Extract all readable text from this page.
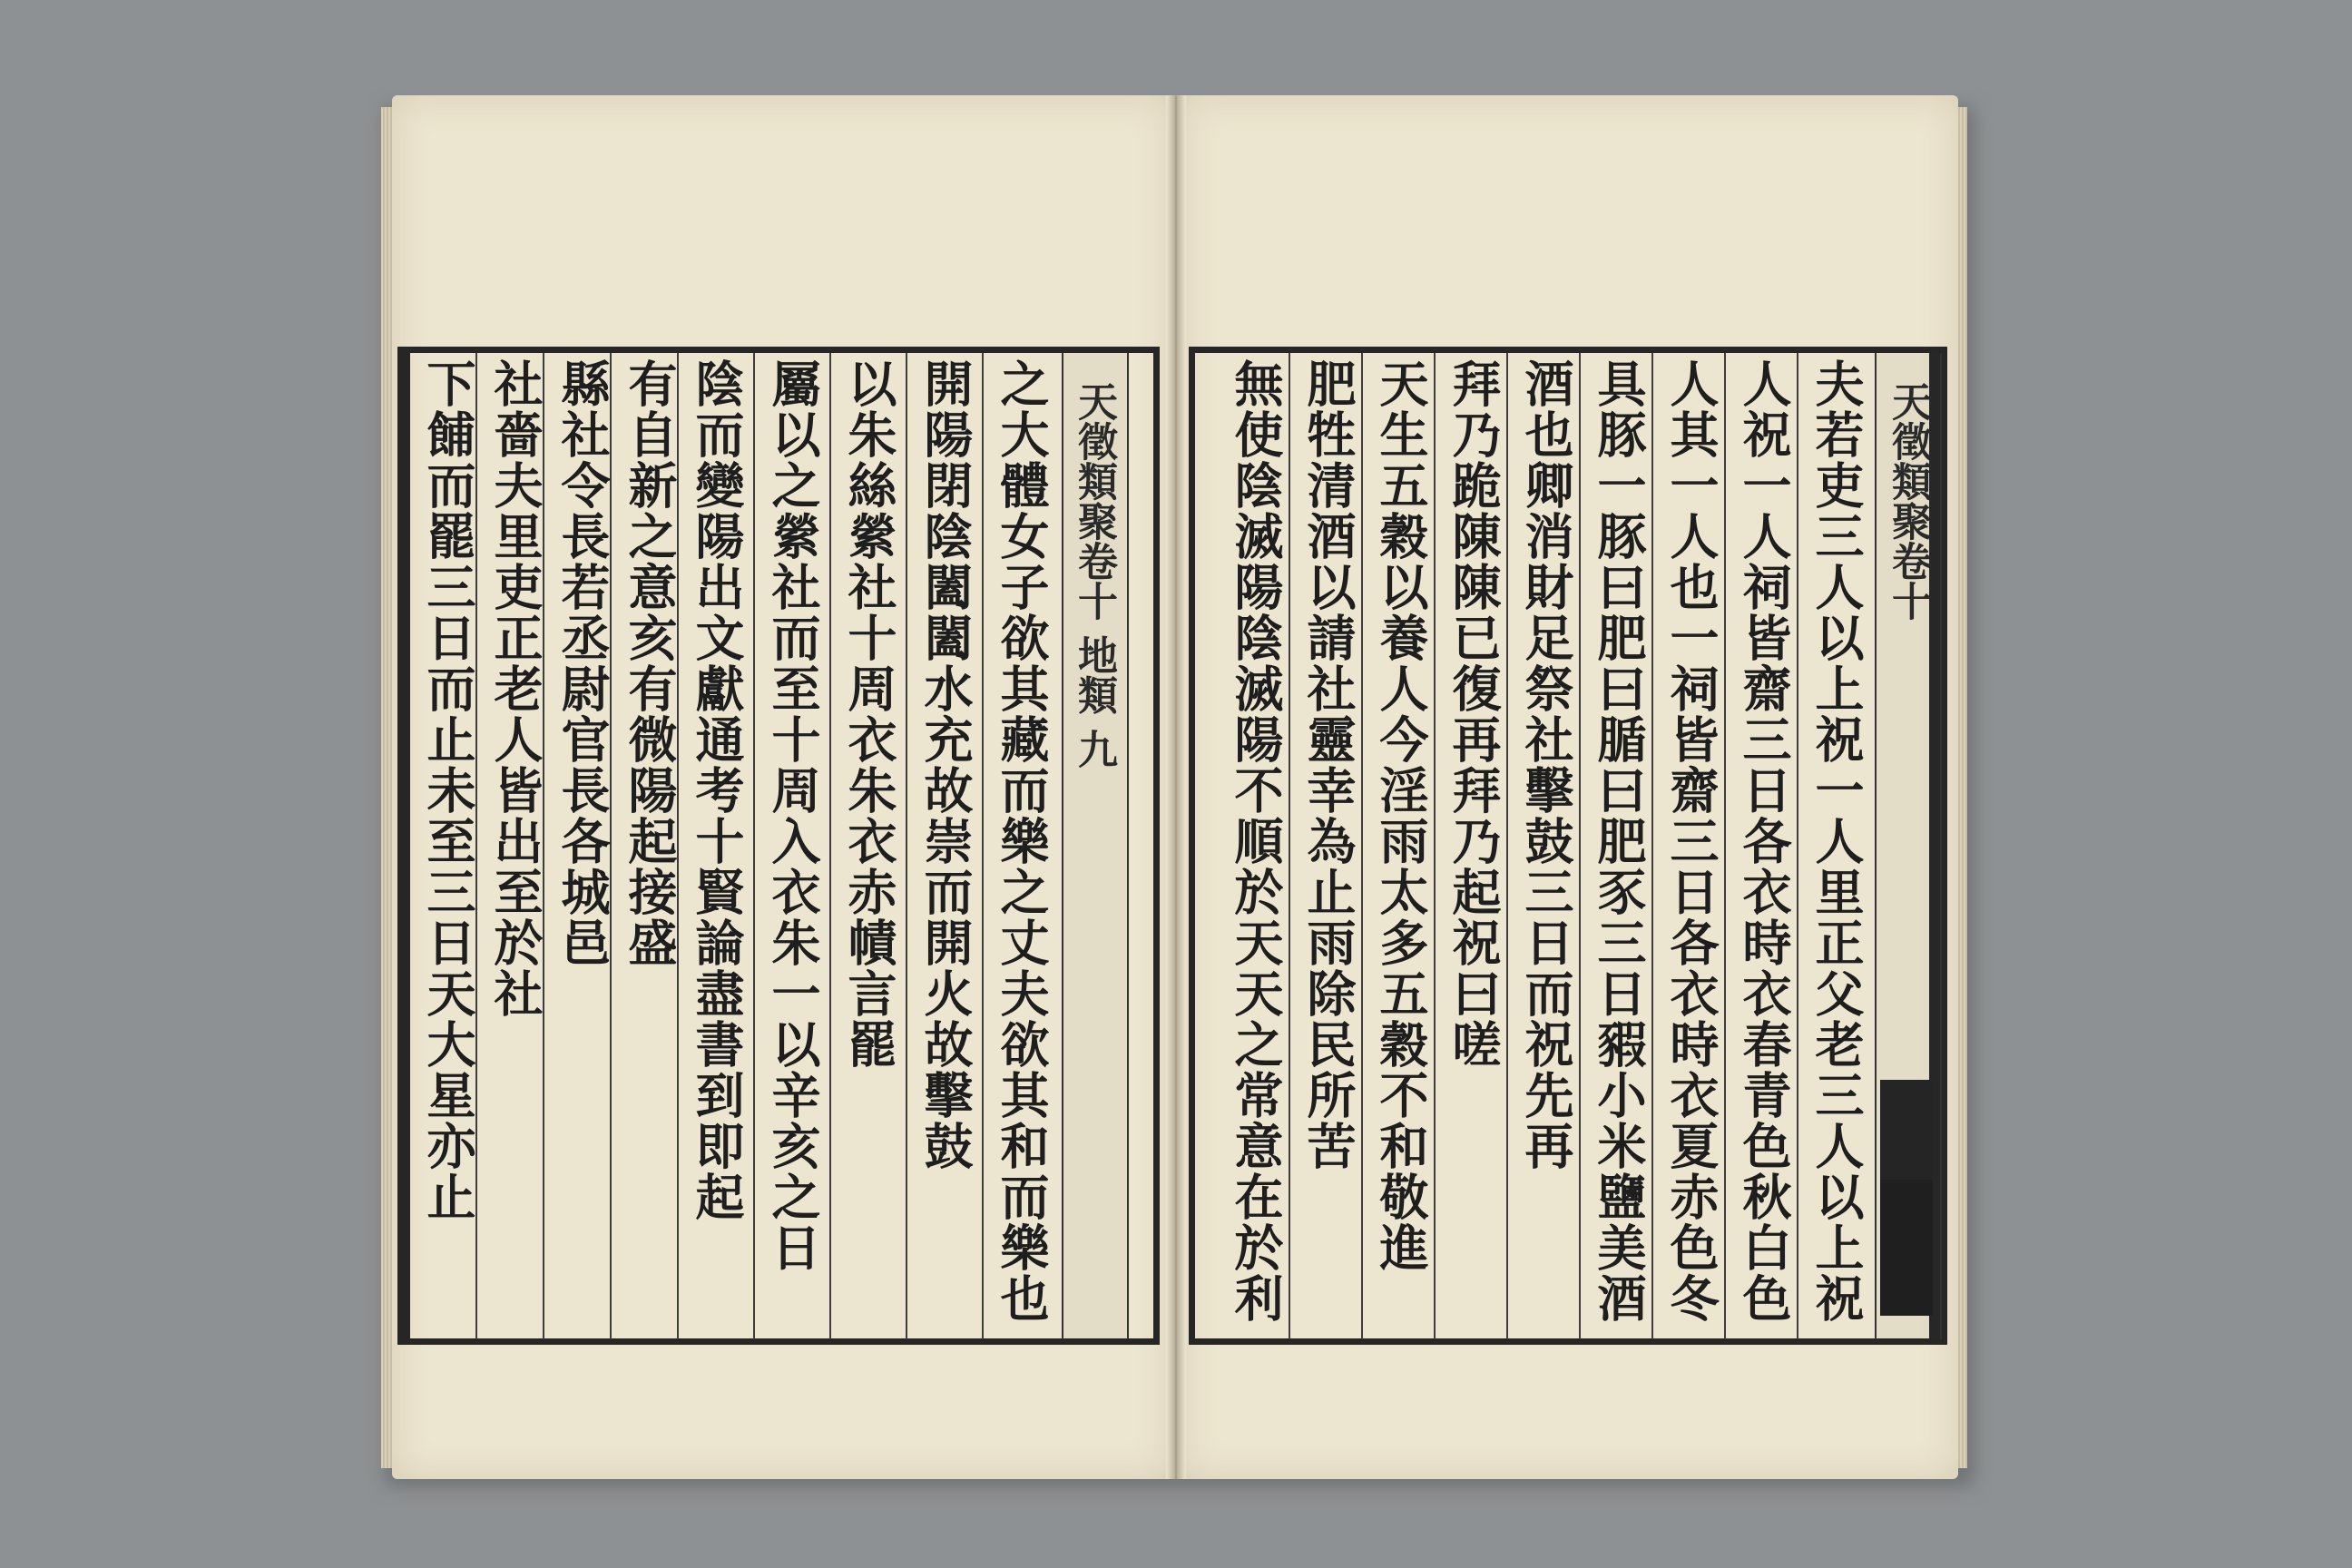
天徵類聚卷十 地類 九
之大體女子欲其藏而樂之丈夫欲其和而樂也
開陽閉陰闔闔水充故崇而開火故擊鼓
以朱絲縈社十周衣朱衣赤幘言罷
屬以之縈社而至十周入衣朱一以辛亥之日
陰而變陽出文獻通考十賢論盡書到即起
有自新之意亥有微陽起接盛
縣社令長若丞尉官長各城邑
社嗇夫里吏正老人皆出至於社
下餔而罷三日而止未至三日天大星亦止	天徵類聚卷十
夫若吏三人以上祝一人里正父老三人以上祝
人祝一人祠皆齋三日各衣時衣春青色秋白色
人其一人也一祠皆齋三日各衣時衣夏赤色冬
具豚一豚曰肥曰腯曰肥豕三日豭小米鹽美酒
酒也卿消財足祭社擊鼓三日而祝先再
拜乃跪陳陳已復再拜乃起祝曰嗟
天生五穀以養人今淫雨太多五穀不和敬進
肥牲清酒以請社靈幸為止雨除民所苦
無使陰滅陽陰滅陽不順於天天之常意在於利
